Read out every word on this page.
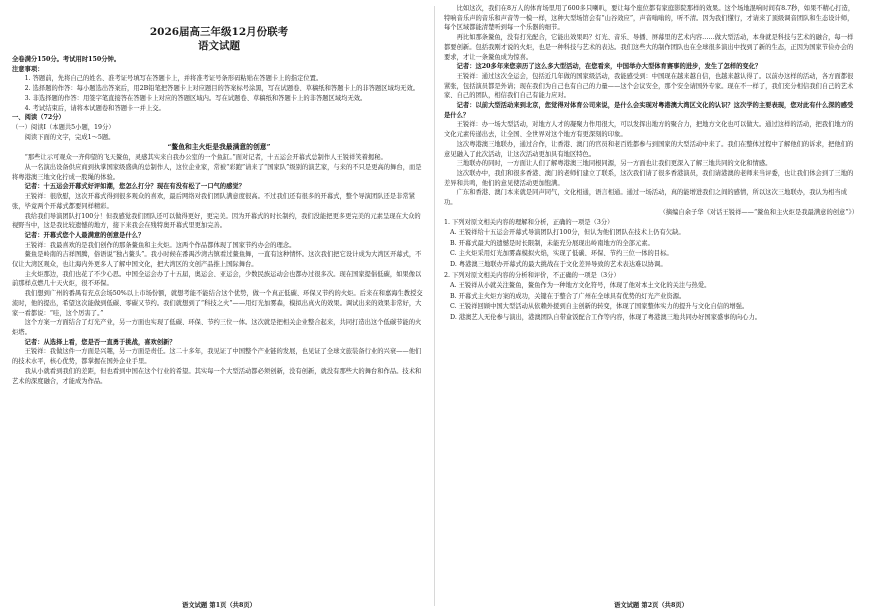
2026届高三年级12月份联考
语文试题

全卷满分150分。考试用时150分钟。

注意事项：

1. 答题前，先将自己的姓名、准考证号填写在答题卡上，并将准考证号条形码粘贴在答题卡上的指定位置。

2. 选择题的作答：每小题选出答案后，用2B铅笔把答题卡上对应题目的答案标号涂黑，写在试题卷、草稿纸和答题卡上的非答题区域均无效。

3. 非选择题的作答：用签字笔直接答在答题卡上对应的答题区域内。写在试题卷、草稿纸和答题卡上的非答题区域均无效。

4. 考试结束后，请将本试题卷和答题卡一并上交。

一、阅读（72分）

（一）阅读Ⅰ（本题共5小题，19分）

阅读下面的文字，完成1～5题。

“鳌鱼和主火炬是我最满意的创意”

“那些让示可观众一齐仰望的飞天鳌鱼，灵感其实来自我办公室的一个鱼缸。”面对记者，十五运会开幕式总制作人王锐祥笑着揭秘。

从一名演出设备供应商到执掌国家级盛典的总制作人，这位企业家，常被“彩跑”请来了“国家队”级别的演艺家，与来的不只是更高的舞台，而是将粤港澳三地文化拧成一股绳的体验。

记者：十五运会开幕式好评如潮，您怎么打分？现在有没有松了一口气的感觉？

王锐祥：很欣慰，这次开幕式得到很多观众的喜欢，最后网络对我们团队满意度很高。不过我们还有很多的开幕式，整个导演团队还是非常紧张，毕竟两个开幕式都要同样精彩。

我给我们导演团队打100分！但我感觉我们团队还可以做得更好，更完美。因为开幕式的时长制约，我们没能把更多更完美的元素呈现在大众的视野当中，这是我比较遗憾的地方，接下来我会在残特奥开幕式里更加完善。

记者：开幕式您个人最满意的创意是什么？

王锐祥：我最喜欢的是我们创作的那条鳌鱼和主火炬。这两个作品都体现了国家节约办会的理念。

鳌鱼是岭南的吉祥图腾，俗语说“独占鳌头”。我小时候在番禺沙湾古镇看过鳌鱼舞，一直有这种情怀。这次我们把它设计成为大湾区开幕式，不仅让大湾区观众，也让海内外更多人了解中国文化，把大湾区的文创产品推上国际舞台。

主火炬那边，我们也花了不少心思。中国全运会办了十五届，奥运会、亚运会，少数民族运动会也都办过很多次。现在国家提倡低碳，如果像以前那样点燃几十天火炬，很不环保。

我们想到广州的番禺有充点会场50%以上市场份额，就想考能不能结合这个优势，做一个真正低碳、环保又节约的火炬。后来在和嘉海生教授交流时，他的提出，希望这次能做到低碳、零碳又节约。我们就想到了“科技之火”——用灯光加雾森，模拟出真火的效果。调试出来的效果非常好，大家一看都说：“哇，这个厉害了。”

这个方案一方面结合了灯光产业，另一方面也实现了低碳、环保、节约三位一体。这次就是把相关企业整合起来，共同打造出这个低碳节能的火炬塔。

记者：从选择上看，您是否一直勇于挑战，喜欢创新？

王锐祥：我做这件一方面是兴趣，另一方面是责任。这二十多年，我见证了中国整个产业链的发展，也见证了全球文旅装备行业的兴衰——他们的技术水平，核心优势，都掌握在国外企业手里。

我从小就看到我们的差距，但也看到中国在这个行业的希望。其实每一个大型活动都必须创新，没有创新，就没有那些大的舞台和作品。技术和艺术的深度融合，才能成为作品。

语文试题 第1页（共8页）

比如这次，我们在8万人的体育场里用了600多只喇叭，要让每个座位都有家庭影院那样的效果。这个场地混响时间有8.7秒，如果不精心打造，特响音乐声的音乐和声音等一模一样，这种大型场馆会有“山谷效应”，声音嗡嗡的，听不清。因为我们懂行，才请来了顶级调音团队和生态设计师，每个区域都能清楚听到每一个乐器的细节。

再比如那条鳌鱼，没有打光配合，它能出效果吗？灯光、音乐、导播、屏幕里的艺术内容……做大型活动，本身就是科技与艺术的融合，每一样都要创新。包括我刚才说的火炬，也是一种科技与艺术的表达。我们这些大的制作团队也在全球很多演出中找到了新的生态，正因为国家节俭办会的要求，才让一条鳌鱼成为惊喜。

记者：这20多年来您亲历了这么多大型活动，在您看来，中国举办大型体育赛事的进步，发生了怎样的变化？

王锐祥：通过这次全运会，包括近几年做的国家级活动，我能感受到：中国现在越来越自信，也越来越认得了。以前办这样的活动，各方面都很紧张，包括演员都是外请；现在我们为自己也有自己的力量——这个会议安全，那个安全请国外专家。现在不一样了，我们充分相信我们自己的艺术家、自己的团队，相信我们自己有能力应对。

记者：以前大型活动来到北京，您觉得对体育公司来说，是什么会实现对粤港澳大湾区文化的认识？这次学的主要表现，您对此有什么深的感受是什么？

王锐祥：办一场大型活动，对地方人才的凝聚力作用很大，可以发挥出地方的聚合力，把地方文化也可以做大。通过这样的活动，把我们地方的文化元素传递出去，让全国、全世界对这个地方有更深刻的印象。

这次粤港澳三地联办，通过合作，让香港、澳门的官员和老百姓都参与到国家的大型活动中来了。我们在整体过程中了解他们的诉求，把他们的意见融入了此次活动，让这次活动更加具有地区特色。

三地联办的同时，一方面让人们了解粤港澳三地同根同源，另一方面也让我们更深入了解三地共同的文化和情感。

这次联办中，我们和很多香港、澳门的老师们建立了联系，这次我们请了很多香港演员，我们请港澳的老师来当评委，也让我们体会到了三地的差异和共鸣，他们的意见使活动更加饱满。

广东和香港、澳门本来就是同声同气，文化相通，语言相通。通过一场活动，真的能增进我们之间的感情，所以这次三地联办，我认为相当成功。

（摘编自余子华《对话王锐祥——“鳌鱼和主火炬是我最满意的创意”》）

1. 下列对原文相关内容的理解和分析，正确的一项是（3分）

A. 王锐祥给十五运会开幕式导演团队打100分，但认为他们团队在技术上仍有欠缺。

B. 开幕式最大的遗憾是时长限制，未能充分展现出岭南地方的全部元素。

C. 主火炬采用灯光加雾森模拟火焰，实现了低碳、环保、节约三位一体的目标。

D. 粤港澳三地联办开幕式的最大挑战在于文化差异导致的艺术表达难以协调。

2. 下列对原文相关内容的分析和评价，不正确的一项是（3分）

A. 王锐祥从小就关注鳌鱼，鳌鱼作为一种地方文化符号，体现了他对本土文化的关注与热爱。

B. 开幕式主火炬方案的成功，关键在于整合了广州在全球具有优势的灯光产业资源。

C. 王锐祥回顾中国大型活动从依赖外援到自主创新的转变，体现了国家整体实力的提升与文化自信的增强。

D. 港澳艺人无伦参与演出，港澳团队自带盒饭配合工作等内容，体现了粤港澳三地共同办好国家盛事的向心力。

语文试题 第2页（共8页）
